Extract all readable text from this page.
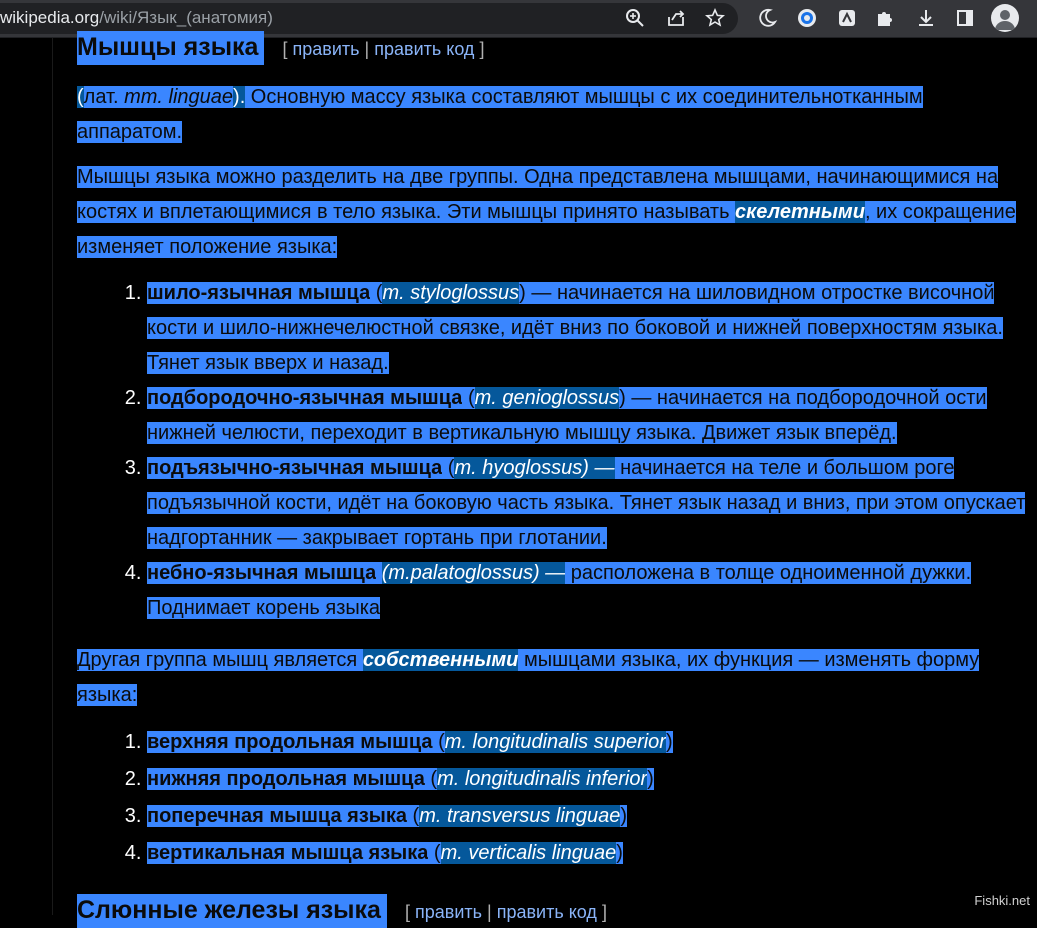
wikipedia.org/wiki/Язык_(анатомия)
Мышцы языка [ править | править код ]

(лат. mm. linguae). Основную массу языка составляют мышцы с их соединительнотканным аппаратом.

Мышцы языка можно разделить на две группы. Одна представлена мышцами, начинающимися на костях и вплетающимися в тело языка. Эти мышцы принято называть скелетными, их сокращение изменяет положение языка:

1. шило-язычная мышца (m. styloglossus) — начинается на шиловидном отростке височной кости и шило-нижнечелюстной связке, идёт вниз по боковой и нижней поверхностям языка. Тянет язык вверх и назад.
2. подбородочно-язычная мышца (m. genioglossus) — начинается на подбородочной ости нижней челюсти, переходит в вертикальную мышцу языка. Движет язык вперёд.
3. подъязычно-язычная мышца (m. hyoglossus) — начинается на теле и большом роге подъязычной кости, идёт на боковую часть языка. Тянет язык назад и вниз, при этом опускает надгортанник — закрывает гортань при глотании.
4. небно-язычная мышца (m.palatoglossus) — расположена в толще одноименной дужки. Поднимает корень языка

Другая группа мышц является собственными мышцами языка, их функция — изменять форму языка:

1. верхняя продольная мышца (m. longitudinalis superior)
2. нижняя продольная мышца (m. longitudinalis inferior)
3. поперечная мышца языка (m. transversus linguae)
4. вертикальная мышца языка (m. verticalis linguae)
Слюнные железы языка [ править | править код ]
Fishki.net
